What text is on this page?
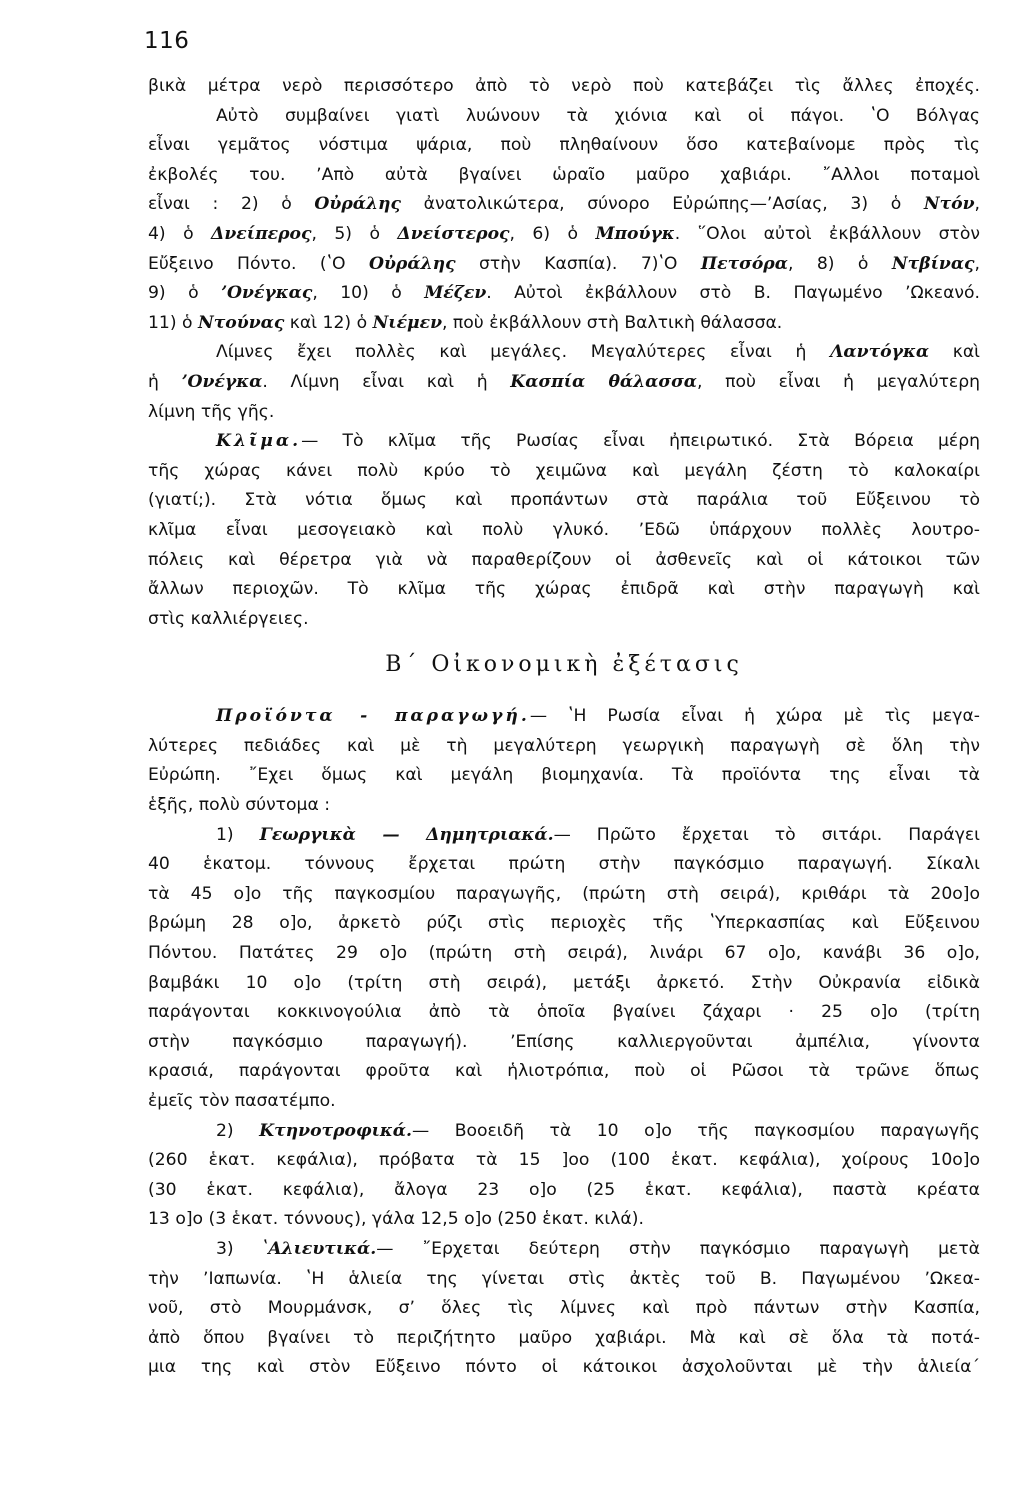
116
βικὰ μέτρα νερὸ περισσότερο ἀπὸ τὸ νερὸ ποὺ κατεβάζει τὶς ἄλλες ἐποχές.
Αὐτὸ συμβαίνει γιατὶ λυώνουν τὰ χιόνια καὶ οἱ πάγοι. ʽΟ Βόλγας
εἶναι γεμᾶτος νόστιμα ψάρια, ποὺ πληθαίνουν ὅσο κατεβαίνομε πρὸς τὶς
ἐκβολές του. ʼΑπὸ αὐτὰ βγαίνει ὡραῖο μαῦρο χαβιάρι. ῎Αλλοι ποταμοὶ
εἶναι : 2) ὁ Οὐράλης ἀνατολικώτερα, σύνορο Εὐρώπης—ʼΑσίας, 3) ὁ Ντόν,
4) ὁ Δνείπερος, 5) ὁ Δνείστερος, 6) ὁ Μπούγκ. ῞Ολοι αὐτοὶ ἐκβάλλουν στὸν
Εὔξεινο Πόντο. (ʽΟ Οὐράλης στὴν Κασπία). 7)ʽΟ Πετσόρα, 8) ὁ Ντβίνας,
9) ὁ ʼΟνέγκας, 10) ὁ Μέζεν. Αὐτοὶ ἐκβάλλουν στὸ Β. Παγωμένο ʼΩκεανό.
11) ὁ Ντούνας καὶ 12) ὁ Νιέμεν, ποὺ ἐκβάλλουν στὴ Βαλτικὴ θάλασσα.
Λίμνες ἔχει πολλὲς καὶ μεγάλες. Μεγαλύτερες εἶναι ἡ Λαντόγκα καὶ
ἡ ʼΟνέγκα. Λίμνη εἶναι καὶ ἡ Κασπία θάλασσα, ποὺ εἶναι ἡ μεγαλύτερη
λίμνη τῆς γῆς.
Κλῖμα.— Τὸ κλῖμα τῆς Ρωσίας εἶναι ἠπειρωτικό. Στὰ Βόρεια μέρη
τῆς χώρας κάνει πολὺ κρύο τὸ χειμῶνα καὶ μεγάλη ζέστη τὸ καλοκαίρι
(γιατί;). Στὰ νότια ὅμως καὶ προπάντων στὰ παράλια τοῦ Εὔξεινου τὸ
κλῖμα εἶναι μεσογειακὸ καὶ πολὺ γλυκό. ʼΕδῶ ὑπάρχουν πολλὲς λουτρο-
πόλεις καὶ θέρετρα γιὰ νὰ παραθερίζουν οἱ ἀσθενεῖς καὶ οἱ κάτοικοι τῶν
ἄλλων περιοχῶν. Τὸ κλῖμα τῆς χώρας ἐπιδρᾶ καὶ στὴν παραγωγὴ καὶ
στὶς καλλιέργειες.
Β΄ Οἰκονομικὴ ἐξέτασις
Προϊόντα - παραγωγή.— ʽΗ Ρωσία εἶναι ἡ χώρα μὲ τὶς μεγα-
λύτερες πεδιάδες καὶ μὲ τὴ μεγαλύτερη γεωργικὴ παραγωγὴ σὲ ὅλη τὴν
Εὐρώπη. ῎Εχει ὅμως καὶ μεγάλη βιομηχανία. Τὰ προϊόντα της εἶναι τὰ
ἑξῆς, πολὺ σύντομα :
1) Γεωργικὰ — Δημητριακά.— Πρῶτο ἔρχεται τὸ σιτάρι. Παράγει
40 ἑκατομ. τόννους ἔρχεται πρώτη στὴν παγκόσμιο παραγωγή. Σίκαλι
τὰ 45 ο]ο τῆς παγκοσμίου παραγωγῆς, (πρώτη στὴ σειρά), κριθάρι τὰ 20ο]ο
βρώμη 28 ο]ο, ἀρκετὸ ρύζι στὶς περιοχὲς τῆς ʽΥπερκασπίας καὶ Εὔξεινου
Πόντου. Πατάτες 29 ο]ο (πρώτη στὴ σειρά), λινάρι 67 ο]ο, κανάβι 36 ο]ο,
βαμβάκι 10 ο]ο (τρίτη στὴ σειρά), μετάξι ἀρκετό. Στὴν Οὐκρανία εἰδικὰ
παράγονται κοκκινογούλια ἀπὸ τὰ ὁποῖα βγαίνει ζάχαρι · 25 ο]ο (τρίτη
στὴν παγκόσμιο παραγωγή). ʼΕπίσης καλλιεργοῦνται ἀμπέλια, γίνοντα
κρασιά, παράγονται φροῦτα καὶ ἡλιοτρόπια, ποὺ οἱ Ρῶσοι τὰ τρῶνε ὅπως
ἐμεῖς τὸν πασατέμπο.
2) Κτηνοτροφικά.— Βοοειδῆ τὰ 10 ο]ο τῆς παγκοσμίου παραγωγῆς
(260 ἑκατ. κεφάλια), πρόβατα τὰ 15 ]οο (100 ἑκατ. κεφάλια), χοίρους 10ο]ο
(30 ἑκατ. κεφάλια), ἄλογα 23 ο]ο (25 ἑκατ. κεφάλια), παστὰ κρέατα
13 ο]ο (3 ἑκατ. τόννους), γάλα 12,5 ο]ο (250 ἑκατ. κιλά).
3) ʽΑλιευτικά.— ῎Ερχεται δεύτερη στὴν παγκόσμιο παραγωγὴ μετὰ
τὴν ʼΙαπωνία. ʽΗ ἁλιεία της γίνεται στὶς ἀκτὲς τοῦ Β. Παγωμένου ʼΩκεα-
νοῦ, στὸ Μουρμάνσκ, σʼ ὅλες τὶς λίμνες καὶ πρὸ πάντων στὴν Κασπία,
ἀπὸ ὅπου βγαίνει τὸ περιζήτητο μαῦρο χαβιάρι. Μὰ καὶ σὲ ὅλα τὰ ποτά-
μια της καὶ στὸν Εὔξεινο πόντο οἱ κάτοικοι ἀσχολοῦνται μὲ τὴν ἁλιεία΄
